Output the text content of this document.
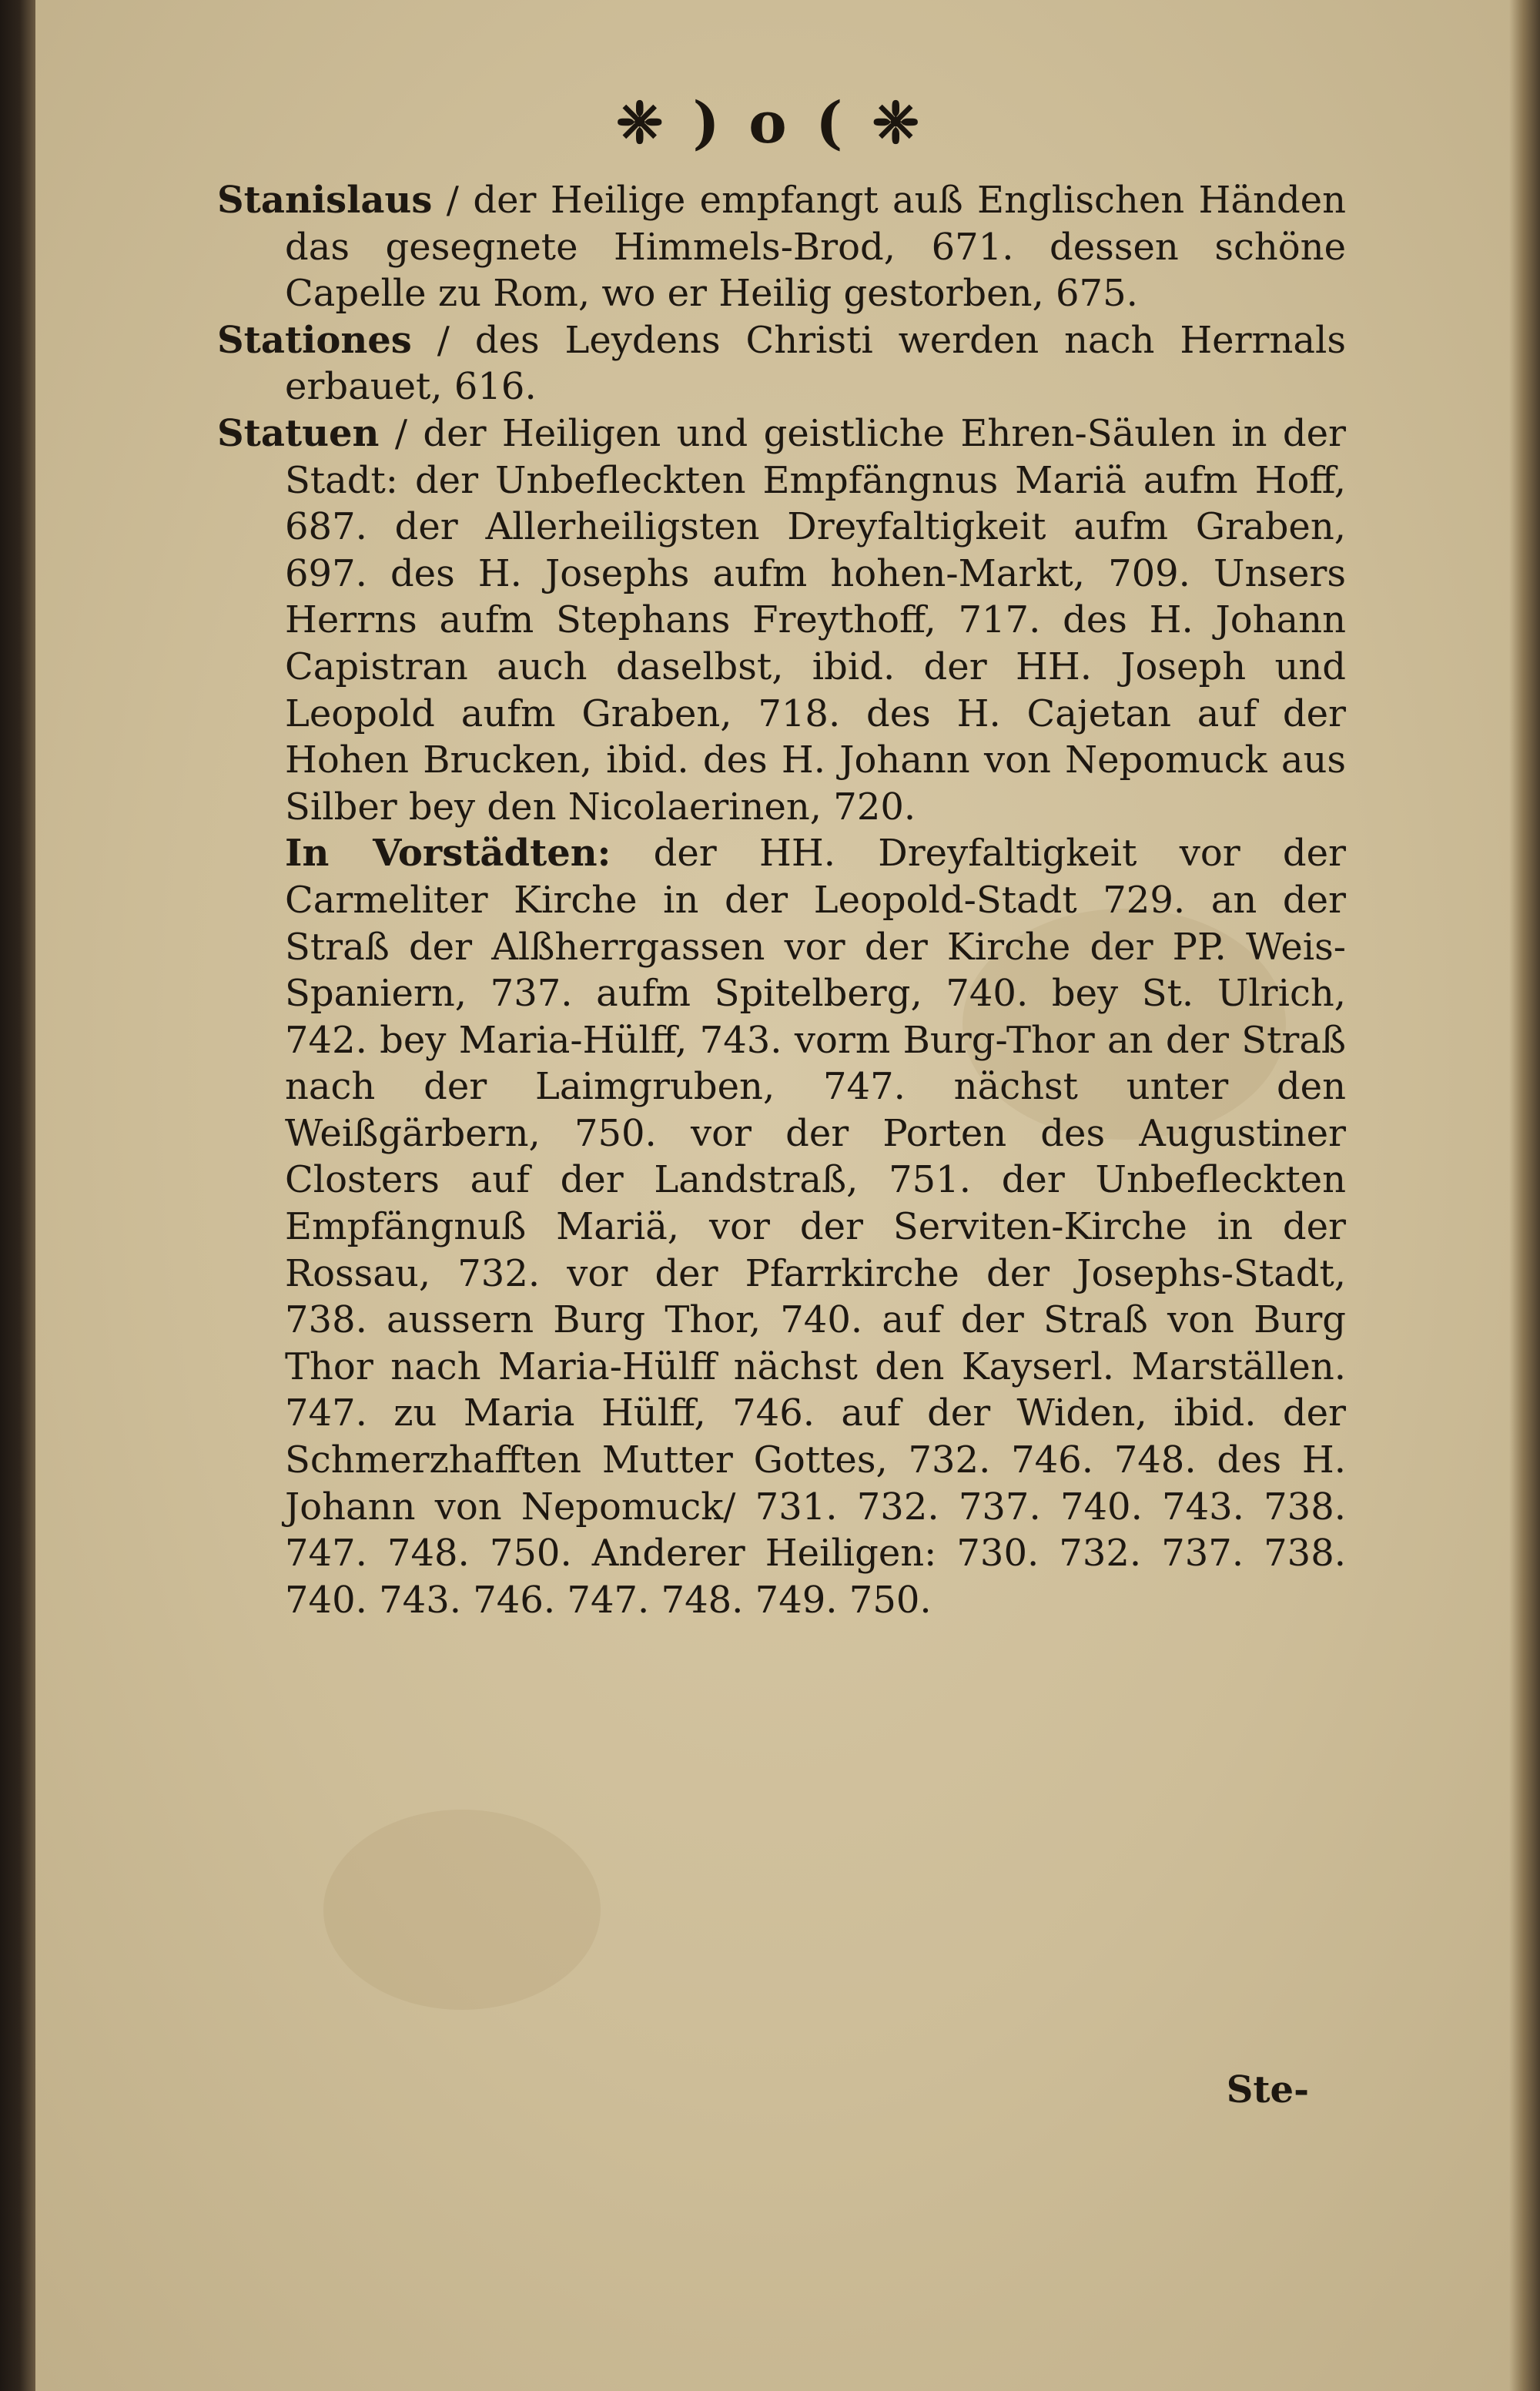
❈ ) o ( ❈

Stanislaus / der Heilige empfangt auß Englischen Händen das gesegnete Himmels-Brod, 671. dessen schöne Capelle zu Rom, wo er Heilig gestorben, 675.

Stationes / des Leydens Christi werden nach Herrnals erbauet, 616.

Statuen / der Heiligen und geistliche Ehren-Säulen in der Stadt: der Unbefleckten Empfängnus Mariä aufm Hoff, 687. der Allerheiligsten Dreyfaltigkeit aufm Graben, 697. des H. Josephs aufm hohen-Markt, 709. Unsers Herrns aufm Stephans Freythoff, 717. des H. Johann Capistran auch daselbst, ibid. der HH. Joseph und Leopold aufm Graben, 718. des H. Cajetan auf der Hohen Brucken, ibid. des H. Johann von Nepomuck aus Silber bey den Nicolaerinen, 720.

In Vorstädten: der HH. Dreyfaltigkeit vor der Carmeliter Kirche in der Leopold-Stadt 729. an der Straß der Alßherrgassen vor der Kirche der PP. Weis-Spaniern, 737. aufm Spitelberg, 740. bey St. Ulrich, 742. bey Maria-Hülff, 743. vorm Burg-Thor an der Straß nach der Laimgruben, 747. nächst unter den Weißgärbern, 750. vor der Porten des Augustiner Closters auf der Landstraß, 751. der Unbefleckten Empfängnuß Mariä, vor der Serviten-Kirche in der Rossau, 732. vor der Pfarrkirche der Josephs-Stadt, 738. aussern Burg Thor, 740. auf der Straß von Burg Thor nach Maria-Hülff nächst den Kayserl. Marställen. 747. zu Maria Hülff, 746. auf der Widen, ibid. der Schmerzhafften Mutter Gottes, 732. 746. 748. des H. Johann von Nepomuck/ 731. 732. 737. 740. 743. 738. 747. 748. 750. Anderer Heiligen: 730. 732. 737. 738. 740. 743. 746. 747. 748. 749. 750.

Ste-
